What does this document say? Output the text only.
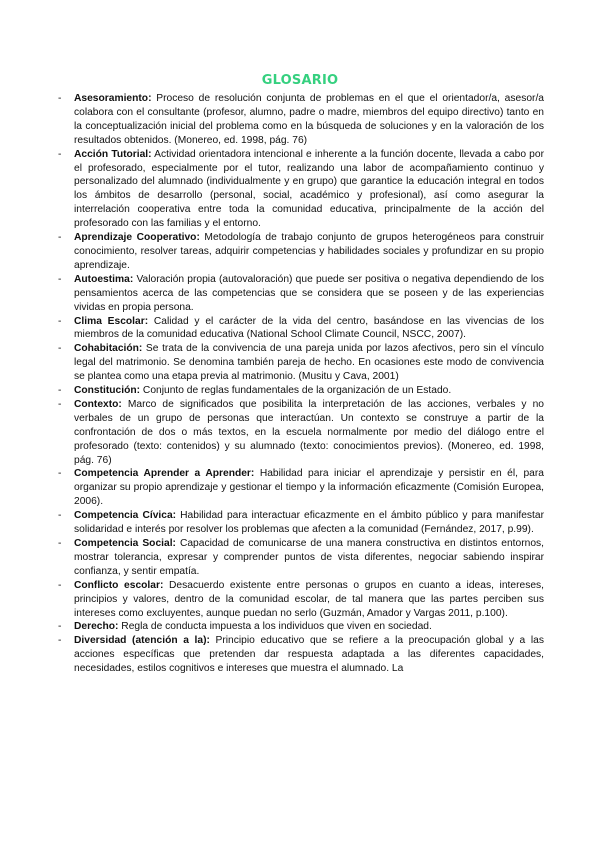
GLOSARIO
- Asesoramiento: Proceso de resolución conjunta de problemas en el que el orientador/a, asesor/a colabora con el consultante (profesor, alumno, padre o madre, miembros del equipo directivo) tanto en la conceptualización inicial del problema como en la búsqueda de soluciones y en la valoración de los resultados obtenidos. (Monereo, ed. 1998, pág. 76)
- Acción Tutorial: Actividad orientadora intencional e inherente a la función docente, llevada a cabo por el profesorado, especialmente por el tutor, realizando una labor de acompañamiento continuo y personalizado del alumnado (individualmente y en grupo) que garantice la educación integral en todos los ámbitos de desarrollo (personal, social, académico y profesional), así como asegurar la interrelación cooperativa entre toda la comunidad educativa, principalmente de la acción del profesorado con las familias y el entorno.
- Aprendizaje Cooperativo: Metodología de trabajo conjunto de grupos heterogéneos para construir conocimiento, resolver tareas, adquirir competencias y habilidades sociales y profundizar en su propio aprendizaje.
- Autoestima: Valoración propia (autovaloración) que puede ser positiva o negativa dependiendo de los pensamientos acerca de las competencias que se considera que se poseen y de las experiencias vividas en propia persona.
- Clima Escolar: Calidad y el carácter de la vida del centro, basándose en las vivencias de los miembros de la comunidad educativa (National School Climate Council, NSCC, 2007).
- Cohabitación: Se trata de la convivencia de una pareja unida por lazos afectivos, pero sin el vínculo legal del matrimonio. Se denomina también pareja de hecho. En ocasiones este modo de convivencia se plantea como una etapa previa al matrimonio. (Musitu y Cava, 2001)
- Constitución: Conjunto de reglas fundamentales de la organización de un Estado.
- Contexto: Marco de significados que posibilita la interpretación de las acciones, verbales y no verbales de un grupo de personas que interactúan. Un contexto se construye a partir de la confrontación de dos o más textos, en la escuela normalmente por medio del diálogo entre el profesorado (texto: contenidos) y su alumnado (texto: conocimientos previos). (Monereo, ed. 1998, pág. 76)
- Competencia Aprender a Aprender: Habilidad para iniciar el aprendizaje y persistir en él, para organizar su propio aprendizaje y gestionar el tiempo y la información eficazmente (Comisión Europea, 2006).
- Competencia Cívica: Habilidad para interactuar eficazmente en el ámbito público y para manifestar solidaridad e interés por resolver los problemas que afecten a la comunidad (Fernández, 2017, p.99).
- Competencia Social: Capacidad de comunicarse de una manera constructiva en distintos entornos, mostrar tolerancia, expresar y comprender puntos de vista diferentes, negociar sabiendo inspirar confianza, y sentir empatía.
- Conflicto escolar: Desacuerdo existente entre personas o grupos en cuanto a ideas, intereses, principios y valores, dentro de la comunidad escolar, de tal manera que las partes perciben sus intereses como excluyentes, aunque puedan no serlo (Guzmán, Amador y Vargas 2011, p.100).
- Derecho: Regla de conducta impuesta a los individuos que viven en sociedad.
- Diversidad (atención a la): Principio educativo que se refiere a la preocupación global y a las acciones específicas que pretenden dar respuesta adaptada a las diferentes capacidades, necesidades, estilos cognitivos e intereses que muestra el alumnado. La
